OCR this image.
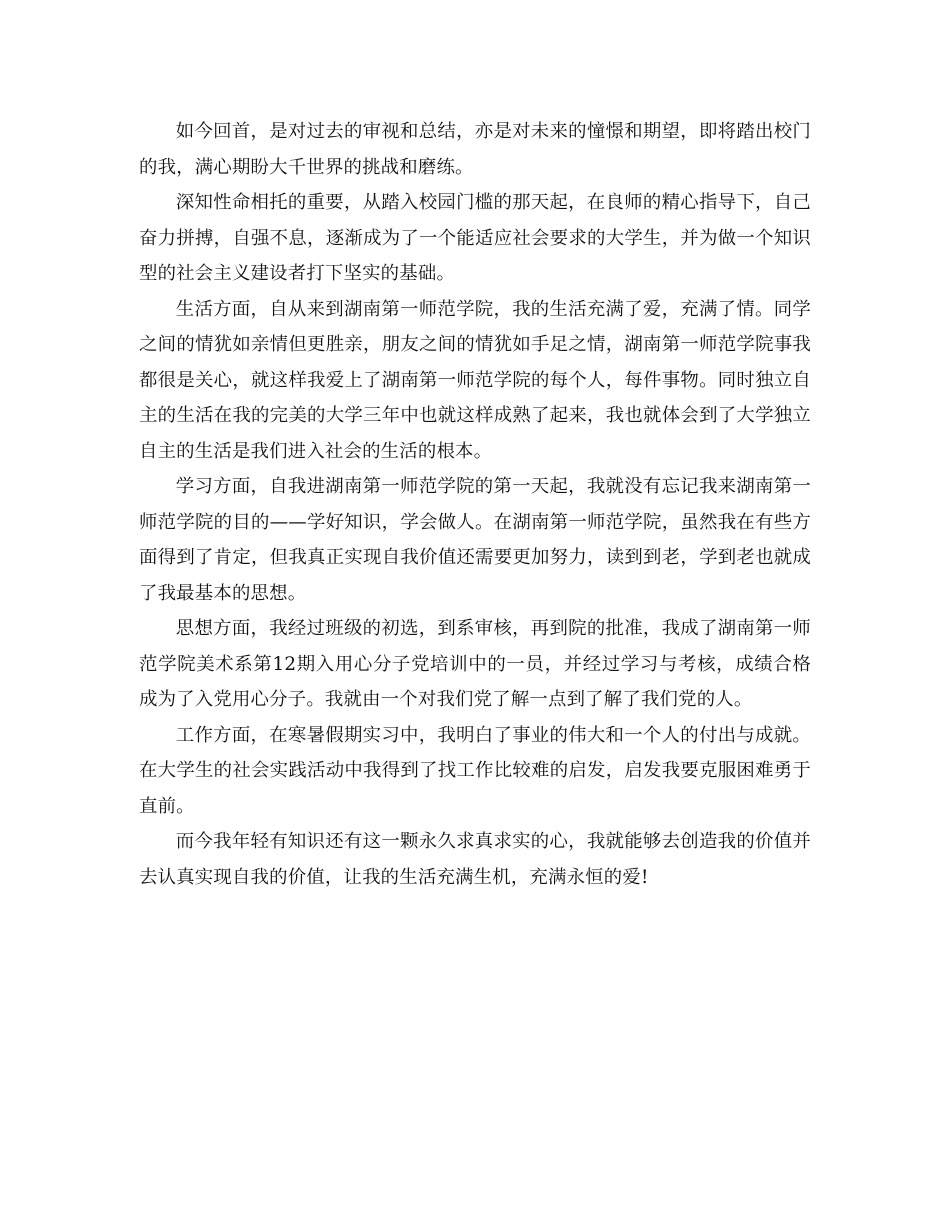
如今回首，是对过去的审视和总结，亦是对未来的憧憬和期望，即将踏出校门的我，满心期盼大千世界的挑战和磨练。

深知性命相托的重要，从踏入校园门槛的那天起，在良师的精心指导下，自己奋力拼搏，自强不息，逐渐成为了一个能适应社会要求的大学生，并为做一个知识型的社会主义建设者打下坚实的基础。

生活方面，自从来到湖南第一师范学院，我的生活充满了爱，充满了情。同学之间的情犹如亲情但更胜亲，朋友之间的情犹如手足之情，湖南第一师范学院事我都很是关心，就这样我爱上了湖南第一师范学院的每个人，每件事物。同时独立自主的生活在我的完美的大学三年中也就这样成熟了起来，我也就体会到了大学独立自主的生活是我们进入社会的生活的根本。

学习方面，自我进湖南第一师范学院的第一天起，我就没有忘记我来湖南第一师范学院的目的——学好知识，学会做人。在湖南第一师范学院，虽然我在有些方面得到了肯定，但我真正实现自我价值还需要更加努力，读到到老，学到老也就成了我最基本的思想。

思想方面，我经过班级的初选，到系审核，再到院的批准，我成了湖南第一师范学院美术系第12期入用心分子党培训中的一员，并经过学习与考核，成绩合格成为了入党用心分子。我就由一个对我们党了解一点到了解了我们党的人。

工作方面，在寒暑假期实习中，我明白了事业的伟大和一个人的付出与成就。在大学生的社会实践活动中我得到了找工作比较难的启发，启发我要克服困难勇于直前。

而今我年轻有知识还有这一颗永久求真求实的心，我就能够去创造我的价值并去认真实现自我的价值，让我的生活充满生机，充满永恒的爱!
